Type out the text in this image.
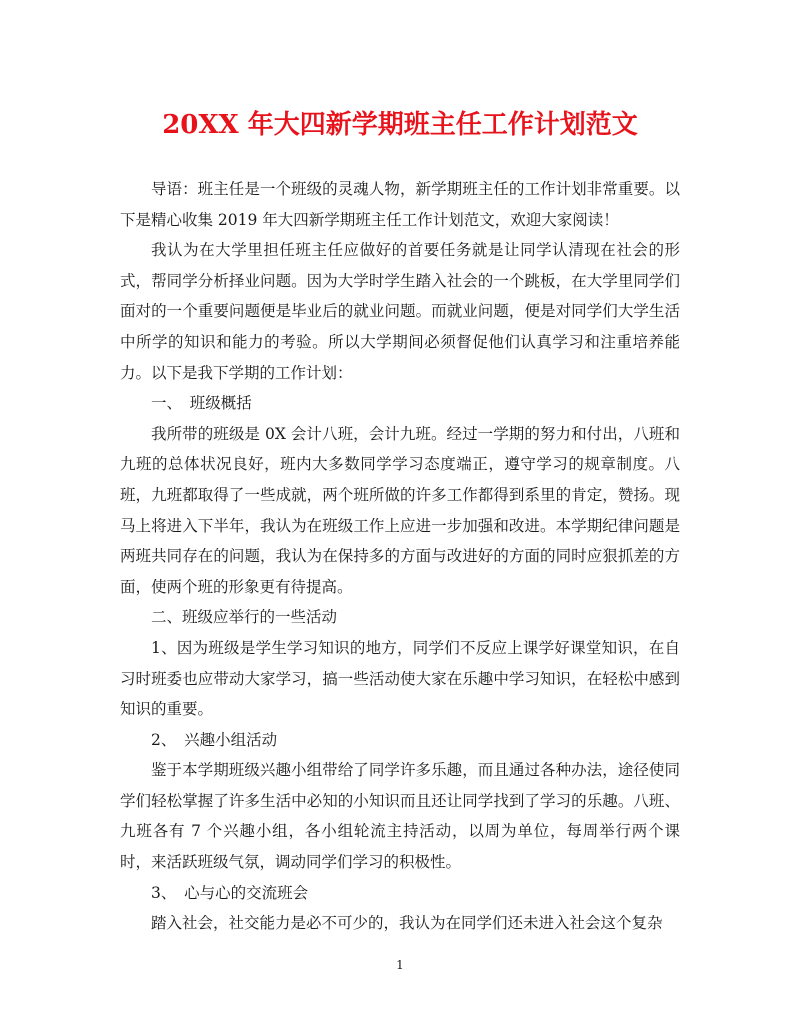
20XX 年大四新学期班主任工作计划范文

导语：班主任是一个班级的灵魂人物，新学期班主任的工作计划非常重要。以下是精心收集 2019 年大四新学期班主任工作计划范文，欢迎大家阅读！

我认为在大学里担任班主任应做好的首要任务就是让同学认清现在社会的形式，帮同学分析择业问题。因为大学时学生踏入社会的一个跳板，在大学里同学们面对的一个重要问题便是毕业后的就业问题。而就业问题，便是对同学们大学生活中所学的知识和能力的考验。所以大学期间必须督促他们认真学习和注重培养能力。以下是我下学期的工作计划：

一、　班级概括

我所带的班级是 0X 会计八班，会计九班。经过一学期的努力和付出，八班和九班的总体状况良好，班内大多数同学学习态度端正，遵守学习的规章制度。八班，九班都取得了一些成就，两个班所做的许多工作都得到系里的肯定，赞扬。现马上将进入下半年，我认为在班级工作上应进一步加强和改进。本学期纪律问题是两班共同存在的问题，我认为在保持多的方面与改进好的方面的同时应狠抓差的方面，使两个班的形象更有待提高。

二、班级应举行的一些活动

1、因为班级是学生学习知识的地方，同学们不反应上课学好课堂知识，在自习时班委也应带动大家学习，搞一些活动使大家在乐趣中学习知识，在轻松中感到知识的重要。

2、　兴趣小组活动

鉴于本学期班级兴趣小组带给了同学许多乐趣，而且通过各种办法，途径使同学们轻松掌握了许多生活中必知的小知识而且还让同学找到了学习的乐趣。八班、九班各有 7 个兴趣小组，各小组轮流主持活动，以周为单位，每周举行两个课时，来活跃班级气氛，调动同学们学习的积极性。

3、　心与心的交流班会

踏入社会，社交能力是必不可少的，我认为在同学们还未进入社会这个复杂

1
